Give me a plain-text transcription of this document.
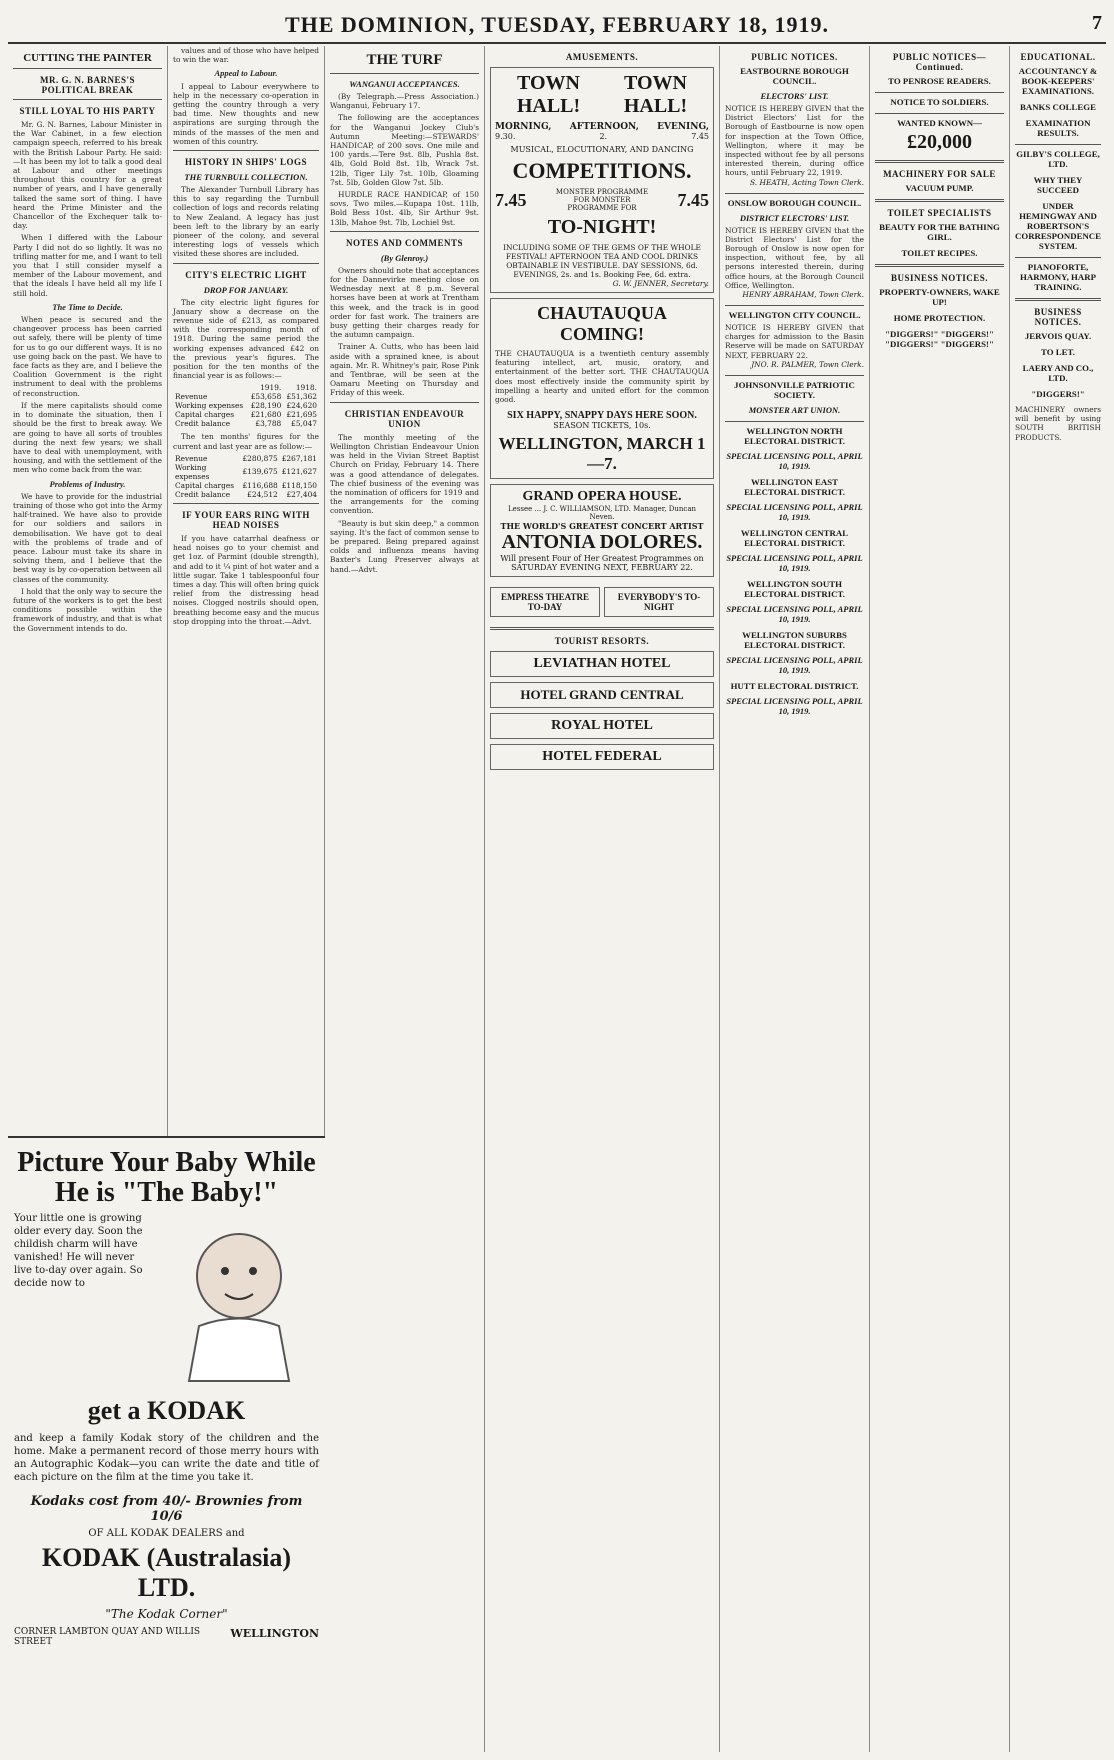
THE DOMINION, TUESDAY, FEBRUARY 18, 1919.	7
CUTTING THE PAINTER
MR. G. N. BARNES'S POLITICAL BREAK
STILL LOYAL TO HIS PARTY

Mr. G. N. Barnes, Labour Minister in the War Cabinet, in a few election campaign speech, referred to his break with the British Labour Party. He said:—It has been my lot to talk a good deal at Labour and other meetings throughout this country for a great number of years, and I have generally talked the same sort of thing. I have heard the Prime Minister and the Chancellor of the Exchequer talk to-day.

When I differed with the Labour Party I did not do so lightly. It was no trifling matter for me, and I want to tell you that I still consider myself a member of the Labour movement, and that the ideals I have held all my life I still hold.

The Time to Decide.

When peace is secured and the changeover process has been carried out safely, there will be plenty of time for us to go our different ways. It is no use going back on the past. We have to face facts as they are, and I believe the Coalition Government is the right instrument to deal with the problems of reconstruction.

If the mere capitalists should come in to dominate the situation, then I should be the first to break away. We are going to have all sorts of troubles during the next few years; we shall have to deal with unemployment, with housing, and with the settlement of the men who come back from the war.

Problems of Industry.

We have to provide for the industrial training of those who got into the Army half-trained. We have also to provide for our soldiers and sailors in demobilisation. We have got to deal with the problems of trade and of peace. Labour must take its share in solving them, and I believe that the best way is by co-operation between all classes of the community.

I hold that the only way to secure the future of the workers is to get the best conditions possible within the framework of industry, and that is what the Government intends to do.

values and of those who have helped to win the war.

Appeal to Labour.

I appeal to Labour everywhere to help in the necessary co-operation in getting the country through a very bad time. New thoughts and new aspirations are surging through the minds of the masses of the men and women of this country.

HISTORY IN SHIPS' LOGS
THE TURNBULL COLLECTION.

The Alexander Turnbull Library has this to say regarding the Turnbull collection of logs and records relating to New Zealand. A legacy has just been left to the library by an early pioneer of the colony, and several interesting logs of vessels which visited these shores are included.

CITY'S ELECTRIC LIGHT
DROP FOR JANUARY.

The city electric light figures for January show a decrease on the revenue side of £213, as compared with the corresponding month of 1918. During the same period the working expenses advanced £42 on the previous year's figures. The position for the ten months of the financial year is as follows:—

	1919.	1918.
Revenue	£53,658	£51,362
Working expenses	£28,190	£24,620
Capital charges	£21,680	£21,695
Credit balance	£3,788	£5,047

The ten months' figures for the current and last year are as follow:—

Revenue	£280,875	£267,181
Working expenses	£139,675	£121,627
Capital charges	£116,688	£118,150
Credit balance	£24,512	£27,404
IF YOUR EARS RING WITH HEAD NOISES

If you have catarrhal deafness or head noises go to your chemist and get 1oz. of Parmint (double strength), and add to it ¼ pint of hot water and a little sugar. Take 1 tablespoonful four times a day. This will often bring quick relief from the distressing head noises. Clogged nostrils should open, breathing become easy and the mucus stop dropping into the throat.—Advt.

Picture Your Baby While He is "The Baby!"
Your little one is growing older every day. Soon the childish charm will have vanished! He will never live to-day over again. So decide now to
get a KODAK
and keep a family Kodak story of the children and the home. Make a permanent record of those merry hours with an Autographic Kodak—you can write the date and title of each picture on the film at the time you take it.
Kodaks cost from 40/- Brownies from 10/6
OF ALL KODAK DEALERS and
KODAK (Australasia) LTD.
"The Kodak Corner"
CORNER LAMBTON QUAY AND WILLIS STREET
WELLINGTON
THE TURF
WANGANUI ACCEPTANCES.

(By Telegraph.—Press Association.) Wanganui, February 17.

The following are the acceptances for the Wanganui Jockey Club's Autumn Meeting:—STEWARDS' HANDICAP, of 200 sovs. One mile and 100 yards.—Tere 9st. 8lb, Pushla 8st. 4lb, Gold Bold 8st. 1lb, Wrack 7st. 12lb, Tiger Lily 7st. 10lb, Gloaming 7st. 5lb, Golden Glow 7st. 5lb.

HURDLE RACE HANDICAP, of 150 sovs. Two miles.—Kupapa 10st. 11lb, Bold Bess 10st. 4lb, Sir Arthur 9st. 13lb, Mahoe 9st. 7lb, Lochiel 9st.

NOTES AND COMMENTS
(By Glenroy.)

Owners should note that acceptances for the Dannevirke meeting close on Wednesday next at 8 p.m. Several horses have been at work at Trentham this week, and the track is in good order for fast work. The trainers are busy getting their charges ready for the autumn campaign.

Trainer A. Cutts, who has been laid aside with a sprained knee, is about again. Mr. R. Whitney's pair, Rose Pink and Tentbrae, will be seen at the Oamaru Meeting on Thursday and Friday of this week.

CHRISTIAN ENDEAVOUR UNION

The monthly meeting of the Wellington Christian Endeavour Union was held in the Vivian Street Baptist Church on Friday, February 14. There was a good attendance of delegates. The chief business of the evening was the nomination of officers for 1919 and the arrangements for the coming convention.

"Beauty is but skin deep," a common saying. It's the fact of common sense to be prepared. Being prepared against colds and influenza means having Baxter's Lung Preserver always at hand.—Advt.

AMUSEMENTS.
TOWN HALL!
TOWN HALL!
MORNING, AFTERNOON, EVENING,
9.30.	2.	7.45
MUSICAL, ELOCUTIONARY, AND DANCING
COMPETITIONS.
7.45	MONSTER PROGRAMME FOR MONSTER PROGRAMME FOR	7.45
TO-NIGHT!
INCLUDING SOME OF THE GEMS OF THE WHOLE FESTIVAL! AFTERNOON TEA AND COOL DRINKS OBTAINABLE IN VESTIBULE. DAY SESSIONS, 6d. EVENINGS, 2s. and 1s. Booking Fee, 6d. extra.
G. W. JENNER, Secretary.
CHAUTAUQUA COMING!
THE CHAUTAUQUA is a twentieth century assembly featuring intellect, art, music, oratory, and entertainment of the better sort. THE CHAUTAUQUA does most effectively inside the community spirit by impelling a hearty and united effort for the common good.
SIX HAPPY, SNAPPY DAYS HERE SOON.
SEASON TICKETS, 10s.
WELLINGTON, MARCH 1—7.
GRAND OPERA HOUSE.
Lessee ... J. C. WILLIAMSON, LTD. Manager, Duncan Neven.
THE WORLD'S GREATEST CONCERT ARTIST
ANTONIA DOLORES.
Will present Four of Her Greatest Programmes on SATURDAY EVENING NEXT, FEBRUARY 22.
EMPRESS THEATRE TO-DAY
EVERYBODY'S TO-NIGHT
TOURIST RESORTS.
LEVIATHAN HOTEL
HOTEL GRAND CENTRAL
ROYAL HOTEL
HOTEL FEDERAL
PUBLIC NOTICES.
EASTBOURNE BOROUGH COUNCIL.
ELECTORS' LIST.
NOTICE IS HEREBY GIVEN that the District Electors' List for the Borough of Eastbourne is now open for inspection at the Town Office, Wellington, where it may be inspected without fee by all persons interested therein, during office hours, until February 22, 1919.
S. HEATH, Acting Town Clerk.
ONSLOW BOROUGH COUNCIL.
DISTRICT ELECTORS' LIST.
NOTICE IS HEREBY GIVEN that the District Electors' List for the Borough of Onslow is now open for inspection, without fee, by all persons interested therein, during office hours, at the Borough Council Office, Wellington.
HENRY ABRAHAM, Town Clerk.
WELLINGTON CITY COUNCIL.
NOTICE IS HEREBY GIVEN that charges for admission to the Basin Reserve will be made on SATURDAY NEXT, FEBRUARY 22.
JNO. R. PALMER, Town Clerk.
JOHNSONVILLE PATRIOTIC SOCIETY.
MONSTER ART UNION.
WELLINGTON NORTH ELECTORAL DISTRICT.
SPECIAL LICENSING POLL, APRIL 10, 1919.
WELLINGTON EAST ELECTORAL DISTRICT.
SPECIAL LICENSING POLL, APRIL 10, 1919.
WELLINGTON CENTRAL ELECTORAL DISTRICT.
SPECIAL LICENSING POLL, APRIL 10, 1919.
WELLINGTON SOUTH ELECTORAL DISTRICT.
SPECIAL LICENSING POLL, APRIL 10, 1919.
WELLINGTON SUBURBS ELECTORAL DISTRICT.
SPECIAL LICENSING POLL, APRIL 10, 1919.
HUTT ELECTORAL DISTRICT.
SPECIAL LICENSING POLL, APRIL 10, 1919.
PUBLIC NOTICES—Continued.
TO PENROSE READERS.
NOTICE TO SOLDIERS.
WANTED KNOWN—
£20,000
MACHINERY FOR SALE
VACUUM PUMP.
TOILET SPECIALISTS
BEAUTY FOR THE BATHING GIRL.
TOILET RECIPES.
BUSINESS NOTICES.
PROPERTY-OWNERS, WAKE UP!
HOME PROTECTION.
"DIGGERS!" "DIGGERS!" "DIGGERS!" "DIGGERS!"
EDUCATIONAL.
ACCOUNTANCY & BOOK-KEEPERS' EXAMINATIONS.
BANKS COLLEGE
EXAMINATION RESULTS.
GILBY'S COLLEGE, LTD.
WHY THEY SUCCEED
UNDER HEMINGWAY AND ROBERTSON'S CORRESPONDENCE SYSTEM.
PIANOFORTE, HARMONY, HARP TRAINING.
BUSINESS NOTICES.
JERVOIS QUAY.
TO LET.
LAERY AND CO., LTD.
"DIGGERS!"
MACHINERY owners will benefit by using SOUTH BRITISH PRODUCTS.
